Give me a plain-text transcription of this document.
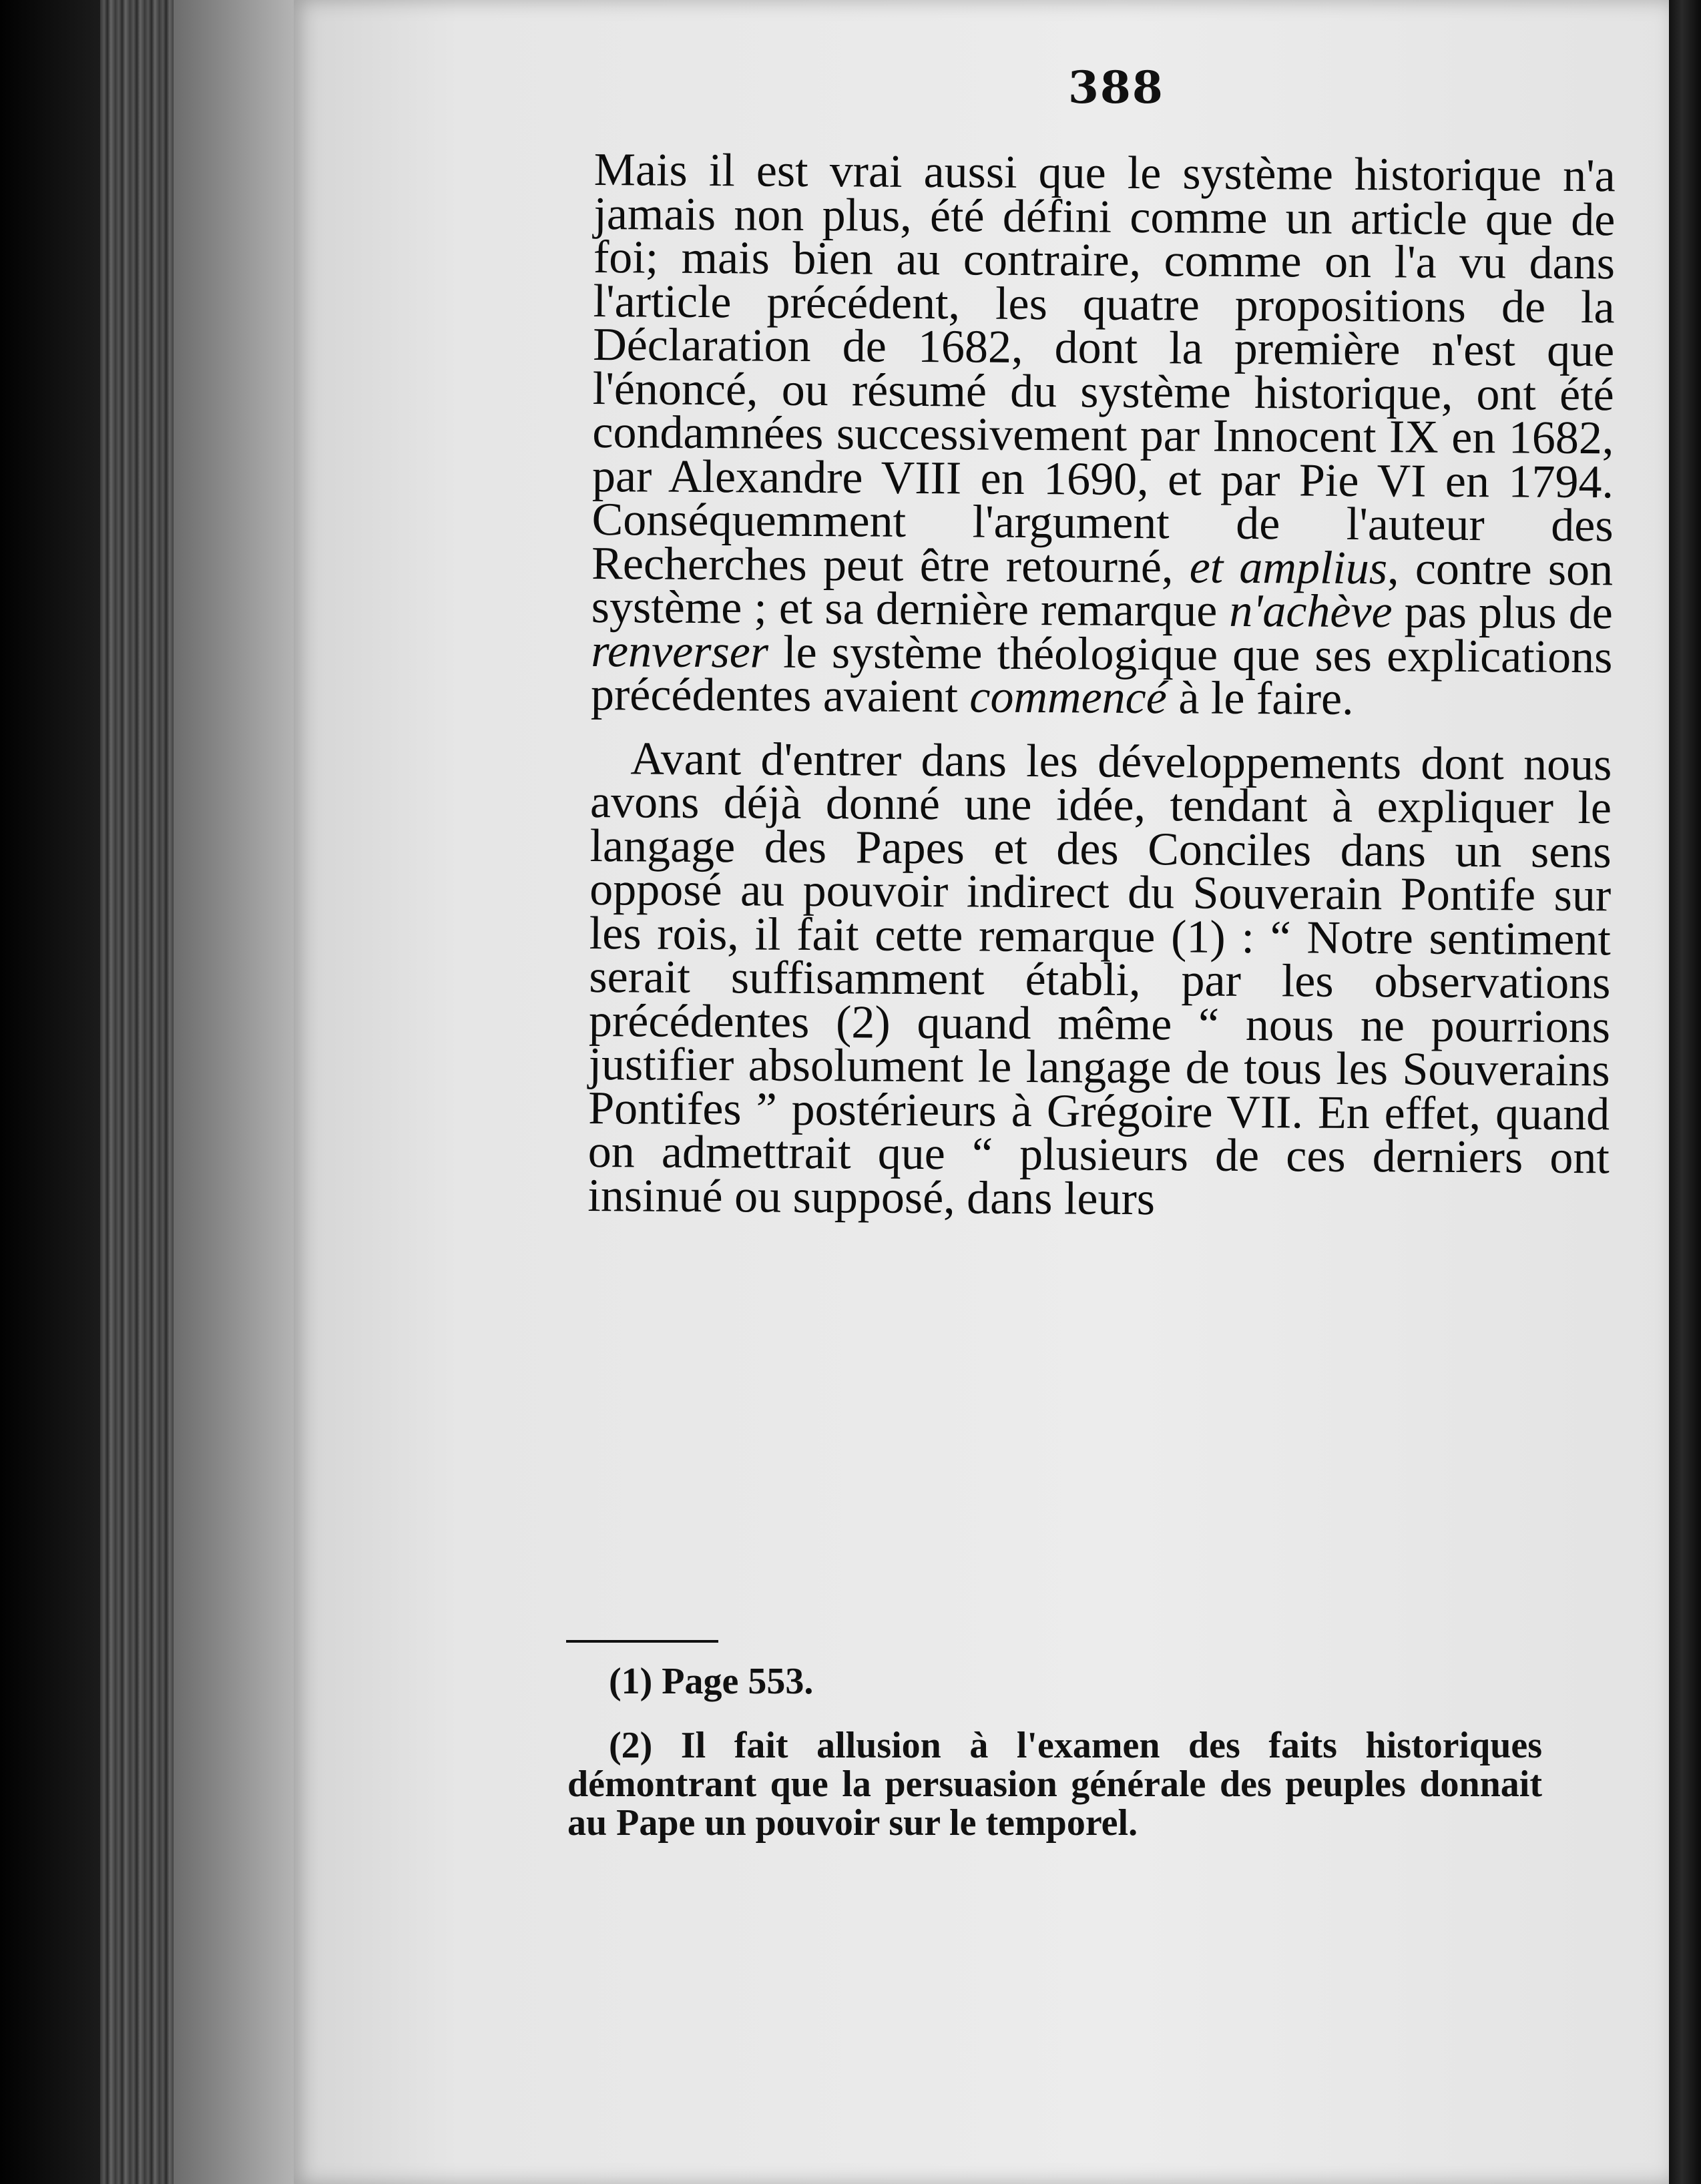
388

Mais il est vrai aussi que le système historique n'a jamais non plus, été défini comme un article que de foi; mais bien au contraire, comme on l'a vu dans l'article précédent, les quatre propositions de la Déclaration de 1682, dont la première n'est que l'énoncé, ou résumé du système historique, ont été condamnées successivement par Innocent IX en 1682, par Alexandre VIII en 1690, et par Pie VI en 1794. Conséquemment l'argument de l'auteur des Recherches peut être retourné, et amplius, contre son système ; et sa dernière remarque n'achève pas plus de renverser le système théologique que ses explications précédentes avaient commencé à le faire.

Avant d'entrer dans les développements dont nous avons déjà donné une idée, tendant à expliquer le langage des Papes et des Conciles dans un sens opposé au pouvoir indirect du Souverain Pontife sur les rois, il fait cette remarque (1) : “ Notre sentiment serait suffisamment établi, par les observations précédentes (2) quand même “ nous ne pourrions justifier absolument le langage de tous les Souverains Pontifes ” postérieurs à Grégoire VII. En effet, quand on admettrait que “ plusieurs de ces derniers ont insinué ou supposé, dans leurs

(1) Page 553.

(2) Il fait allusion à l'examen des faits historiques démontrant que la persuasion générale des peuples donnait au Pape un pouvoir sur le temporel.
